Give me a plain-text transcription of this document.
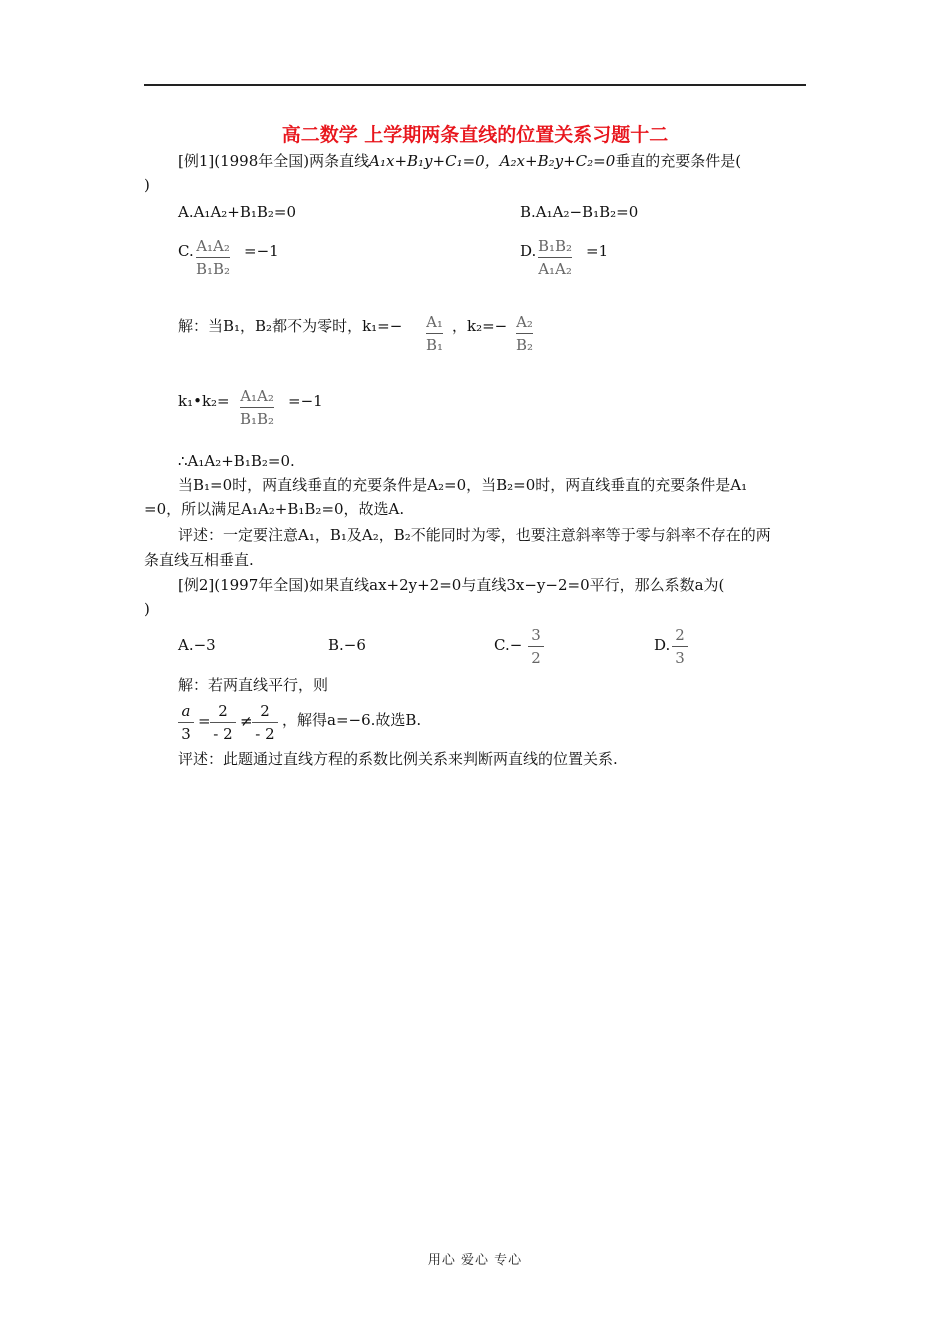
高二数学 上学期两条直线的位置关系习题十二
[例1](1998年全国)两条直线A₁x+B₁y+C₁=0，A₂x+B₂y+C₂=0垂直的充要条件是(
)
A.A₁A₂+B₁B₂=0	B.A₁A₂−B₁B₂=0
C. A₁A₂
B₁B₂
=−1	D. B₁B₂
A₁A₂
=1
解：当B₁，B₂都不为零时，k₁=− A₁
B₁
，k₂=− A₂
B₂
k₁•k₂= A₁A₂
B₁B₂
=−1
∴A₁A₂+B₁B₂=0.
当B₁=0时，两直线垂直的充要条件是A₂=0，当B₂=0时，两直线垂直的充要条件是A₁
=0，所以满足A₁A₂+B₁B₂=0，故选A.
评述：一定要注意A₁，B₁及A₂，B₂不能同时为零，也要注意斜率等于零与斜率不存在的两
条直线互相垂直.
[例2](1997年全国)如果直线ax+2y+2=0与直线3x−y−2=0平行，那么系数a为(
)
A.−3	B.−6	C.−
3
2
D.
2
3
解：若两直线平行，则
a
3
=
2
- 2
≠
2
- 2
，解得a=−6.故选B.
评述：此题通过直线方程的系数比例关系来判断两直线的位置关系.
用心 爱心 专心
